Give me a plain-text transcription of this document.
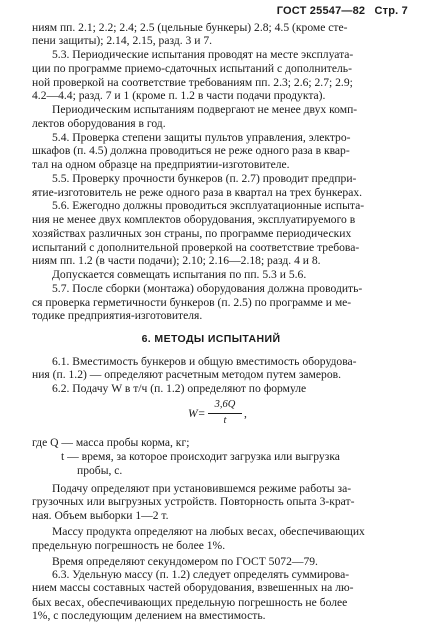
ГОСТ 25547—82 Стр. 7

ниям пп. 2.1; 2.2; 2.4; 2.5 (цельные бункеры) 2.8; 4.5 (кроме сте-

пени защиты); 2.14, 2.15, разд. 3 и 7.

5.3. Периодические испытания проводят на месте эксплуата-

ции по программе приемо-сдаточных испытаний с дополнитель-

ной проверкой на соответствие требованиям пп. 2.3; 2.6; 2.7; 2.9;

4.2—4.4; разд. 7 и 1 (кроме п. 1.2 в части подачи продукта).

Периодическим испытаниям подвергают не менее двух комп-

лектов оборудования в год.

5.4. Проверка степени защиты пультов управления, электро-

шкафов (п. 4.5) должна проводиться не реже одного раза в квар-

тал на одном образце на предприятии-изготовителе.

5.5. Проверку прочности бункеров (п. 2.7) проводит предпри-

ятие-изготовитель не реже одного раза в квартал на трех бункерах.

5.6. Ежегодно должны проводиться эксплуатационные испыта-

ния не менее двух комплектов оборудования, эксплуатируемого в

хозяйствах различных зон страны, по программе периодических

испытаний с дополнительной проверкой на соответствие требова-

ниям пп. 1.2 (в части подачи); 2.10; 2.16—2.18; разд. 4 и 8.

Допускается совмещать испытания по пп. 5.3 и 5.6.

5.7. После сборки (монтажа) оборудования должна проводить-

ся проверка герметичности бункеров (п. 2.5) по программе и ме-

тодике предприятия-изготовителя.

6. МЕТОДЫ ИСПЫТАНИЙ

6.1. Вместимость бункеров и общую вместимость оборудова-

ния (п. 1.2) — определяют расчетным методом путем замеров.

6.2. Подачу W в т/ч (п. 1.2) определяют по формуле

W=
3,6Q
t
,

где Q — масса пробы корма, кг;

t — время, за которое происходит загрузка или выгрузка

пробы, с.

Подачу определяют при установившемся режиме работы за-

грузочных или выгрузных устройств. Повторность опыта 3-крат-

ная. Объем выборки 1—2 т.

Массу продукта определяют на любых весах, обеспечивающих

предельную погрешность не более 1%.

Время определяют секундомером по ГОСТ 5072—79.

6.3. Удельную массу (п. 1.2) следует определять суммирова-

нием массы составных частей оборудования, взвешенных на лю-

бых весах, обеспечивающих предельную погрешность не более

1%, с последующим делением на вместимость.
